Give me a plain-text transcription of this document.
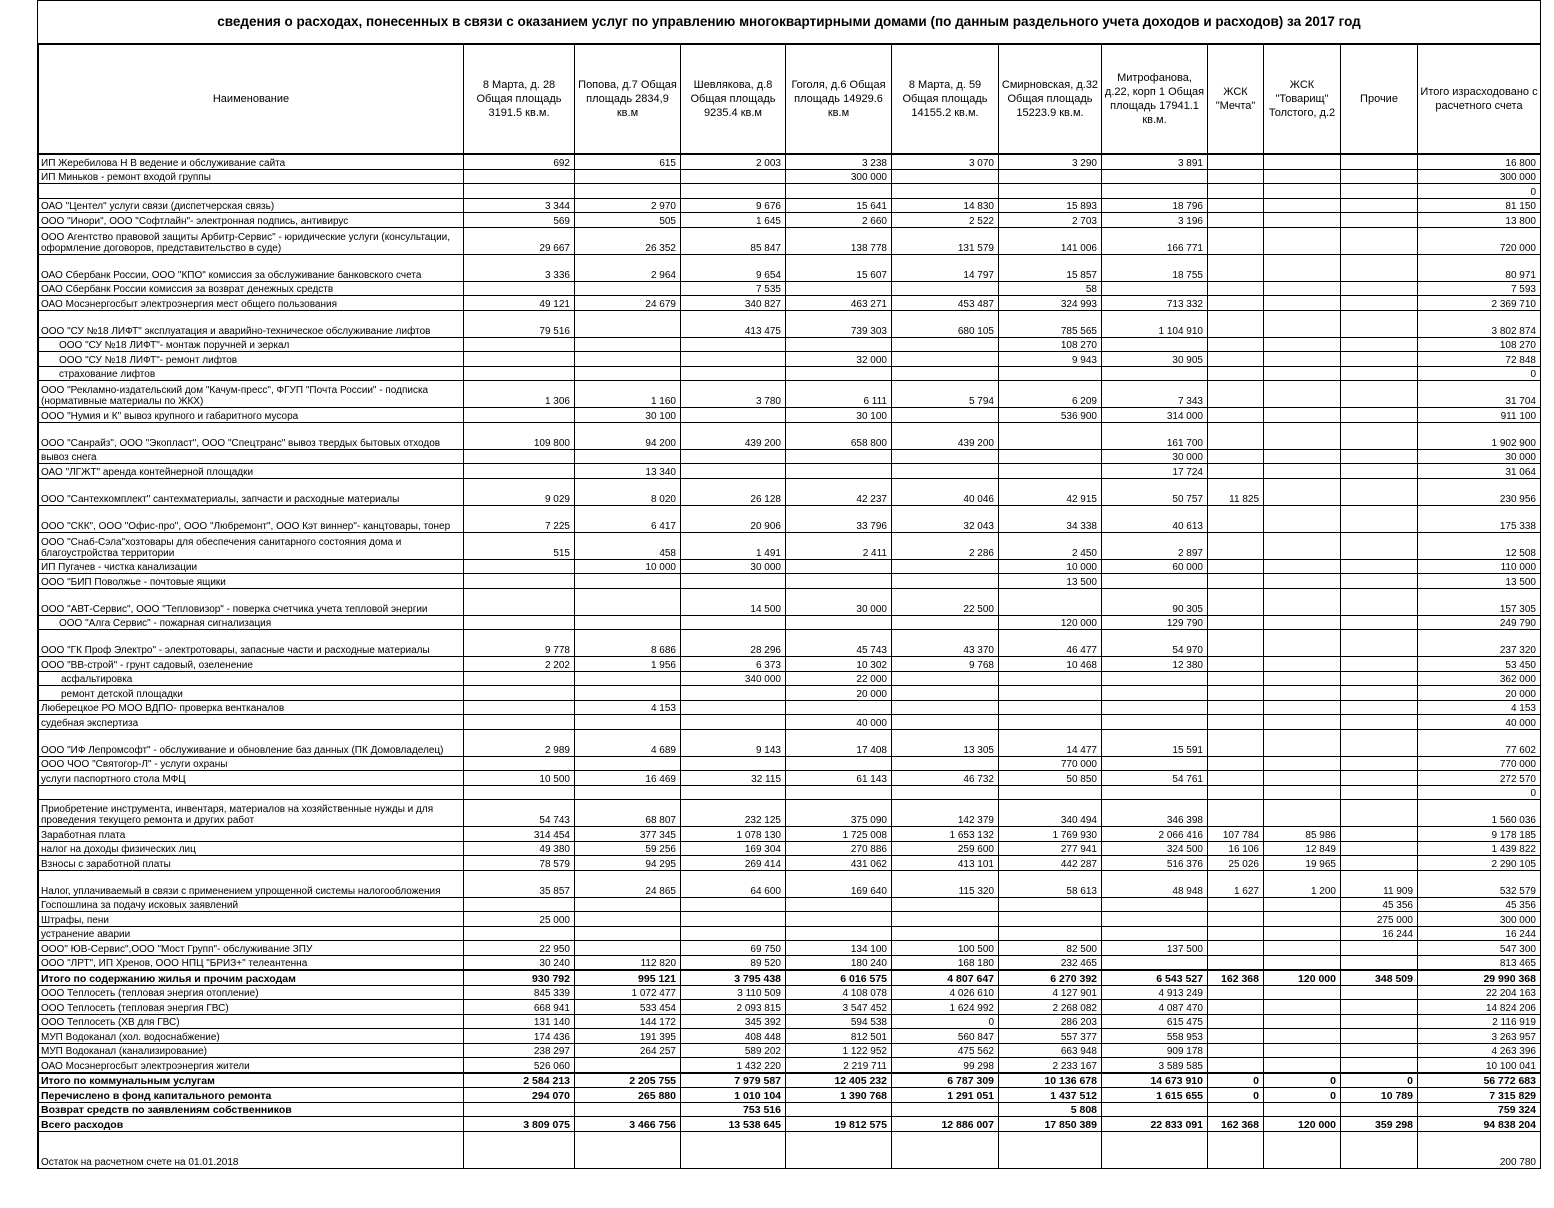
сведения о расходах, понесенных в связи с оказанием услуг по управлению многоквартирными домами (по данным раздельного учета доходов и расходов) за 2017 год
Наименование	8 Марта, д. 28 Общая площадь 3191.5 кв.м.	Попова, д.7 Общая площадь 2834,9 кв.м	Шевлякова, д.8 Общая площадь 9235.4 кв.м	Гоголя, д.6 Общая площадь 14929.6 кв.м	8 Марта, д. 59 Общая площадь 14155.2 кв.м.	Смирновская, д.32 Общая площадь 15223.9 кв.м.	Митрофанова, д.22, корп 1 Общая площадь 17941.1 кв.м.	ЖСК "Мечта"	ЖСК "Товарищ" Толстого, д.2	Прочие	Итого израсходовано с расчетного счета
ИП Жеребилова Н В ведение и обслуживание сайта	692	615	2 003	3 238	3 070	3 290	3 891				16 800
ИП Миньков - ремонт входой группы				300 000							300 000
											0
ОАО "Центел" услуги связи (диспетчерская связь)	3 344	2 970	9 676	15 641	14 830	15 893	18 796				81 150
ООО "Инори", ООО "Софтлайн"- электронная подпись, антивирус	569	505	1 645	2 660	2 522	2 703	3 196				13 800
ООО Агентство правовой защиты Арбитр-Сервис" - юридические услуги (консультации, оформление договоров, представительство в суде)	29 667	26 352	85 847	138 778	131 579	141 006	166 771				720 000
ОАО Сбербанк России, ООО "КПО" комиссия за обслуживание банковского счета	3 336	2 964	9 654	15 607	14 797	15 857	18 755				80 971
ОАО Сбербанк России комиссия за возврат денежных средств			7 535			58					7 593
ОАО Мосэнергосбыт электроэнергия мест общего пользования	49 121	24 679	340 827	463 271	453 487	324 993	713 332				2 369 710
ООО "СУ №18 ЛИФТ" эксплуатация и аварийно-техническое обслуживание лифтов	79 516		413 475	739 303	680 105	785 565	1 104 910				3 802 874
ООО "СУ №18 ЛИФТ"- монтаж поручней и зеркал						108 270					108 270
ООО "СУ №18 ЛИФТ"- ремонт лифтов				32 000		9 943	30 905				72 848
страхование лифтов											0
ООО "Рекламно-издательский дом "Качум-пресс", ФГУП "Почта России" - подписка (нормативные материалы по ЖКХ)	1 306	1 160	3 780	6 111	5 794	6 209	7 343				31 704
ООО "Нумия и К" вывоз крупного и габаритного мусора		30 100		30 100		536 900	314 000				911 100
ООО "Санрайз", ООО "Экопласт", ООО "Спецтранс" вывоз твердых бытовых отходов	109 800	94 200	439 200	658 800	439 200		161 700				1 902 900
вывоз снега							30 000				30 000
ОАО "ЛГЖТ" аренда контейнерной площадки		13 340					17 724				31 064
ООО "Сантехкомплект" сантехматериалы, запчасти и расходные материалы	9 029	8 020	26 128	42 237	40 046	42 915	50 757	11 825			230 956
ООО "СКК", ООО "Офис-про", ООО "Любремонт", ООО Кэт виннер"- канцтовары, тонер	7 225	6 417	20 906	33 796	32 043	34 338	40 613				175 338
ООО "Снаб-Сэла"хозтовары для обеспечения санитарного состояния дома и благоустройства территории	515	458	1 491	2 411	2 286	2 450	2 897				12 508
ИП Пугачев - чистка канализации		10 000	30 000			10 000	60 000				110 000
ООО "БИП Поволжье - почтовые ящики						13 500					13 500
ООО "АВТ-Сервис", ООО "Тепловизор" - поверка счетчика учета тепловой энергии			14 500	30 000	22 500		90 305				157 305
ООО "Алга Сервис" - пожарная сигнализация						120 000	129 790				249 790
ООО "ГК Проф Электро" - электротовары, запасные части и расходные материалы	9 778	8 686	28 296	45 743	43 370	46 477	54 970				237 320
ООО "ВВ-строй" - грунт садовый, озеленение	2 202	1 956	6 373	10 302	9 768	10 468	12 380				53 450
асфальтировка			340 000	22 000							362 000
ремонт детской площадки				20 000							20 000
Люберецкое РО МОО ВДПО- проверка вентканалов		4 153									4 153
судебная экспертиза				40 000							40 000
ООО "ИФ Лепромсофт" - обслуживание и обновление баз данных (ПК Домовладелец)	2 989	4 689	9 143	17 408	13 305	14 477	15 591				77 602
ООО ЧОО "Святогор-Л" - услуги охраны						770 000					770 000
услуги паспортного стола МФЦ	10 500	16 469	32 115	61 143	46 732	50 850	54 761				272 570
											0
Приобретение инструмента, инвентаря, материалов на хозяйственные нужды и для проведения текущего ремонта и других работ	54 743	68 807	232 125	375 090	142 379	340 494	346 398				1 560 036
Заработная плата	314 454	377 345	1 078 130	1 725 008	1 653 132	1 769 930	2 066 416	107 784	85 986		9 178 185
налог на доходы физических лиц	49 380	59 256	169 304	270 886	259 600	277 941	324 500	16 106	12 849		1 439 822
Взносы с заработной платы	78 579	94 295	269 414	431 062	413 101	442 287	516 376	25 026	19 965		2 290 105
Налог, уплачиваемый в связи с применением упрощенной системы налогообложения	35 857	24 865	64 600	169 640	115 320	58 613	48 948	1 627	1 200	11 909	532 579
Госпошлина за подачу исковых заявлений										45 356	45 356
Штрафы, пени	25 000									275 000	300 000
устранение аварии										16 244	16 244
ООО" ЮВ-Сервис",ООО "Мост Групп"- обслуживание ЗПУ	22 950		69 750	134 100	100 500	82 500	137 500				547 300
ООО "ЛРТ", ИП Хренов, ООО НПЦ "БРИЗ+" телеантенна	30 240	112 820	89 520	180 240	168 180	232 465					813 465
Итого по содержанию жилья и прочим расходам	930 792	995 121	3 795 438	6 016 575	4 807 647	6 270 392	6 543 527	162 368	120 000	348 509	29 990 368
ООО Теплосеть (тепловая энергия отопление)	845 339	1 072 477	3 110 509	4 108 078	4 026 610	4 127 901	4 913 249				22 204 163
ООО Теплосеть (тепловая энергия ГВС)	668 941	533 454	2 093 815	3 547 452	1 624 992	2 268 082	4 087 470				14 824 206
ООО Теплосеть (ХВ для ГВС)	131 140	144 172	345 392	594 538	0	286 203	615 475				2 116 919
МУП Водоканал (хол. водоснабжение)	174 436	191 395	408 448	812 501	560 847	557 377	558 953				3 263 957
МУП Водоканал (канализирование)	238 297	264 257	589 202	1 122 952	475 562	663 948	909 178				4 263 396
ОАО Мосэнергосбыт электроэнергия жители	526 060		1 432 220	2 219 711	99 298	2 233 167	3 589 585				10 100 041
Итого по коммунальным услугам	2 584 213	2 205 755	7 979 587	12 405 232	6 787 309	10 136 678	14 673 910	0	0	0	56 772 683
Перечислено в фонд капитального ремонта	294 070	265 880	1 010 104	1 390 768	1 291 051	1 437 512	1 615 655	0	0	10 789	7 315 829
Возврат средств по заявлениям собственников			753 516			5 808					759 324
Всего расходов	3 809 075	3 466 756	13 538 645	19 812 575	12 886 007	17 850 389	22 833 091	162 368	120 000	359 298	94 838 204
Остаток на расчетном счете на 01.01.2018											200 780
